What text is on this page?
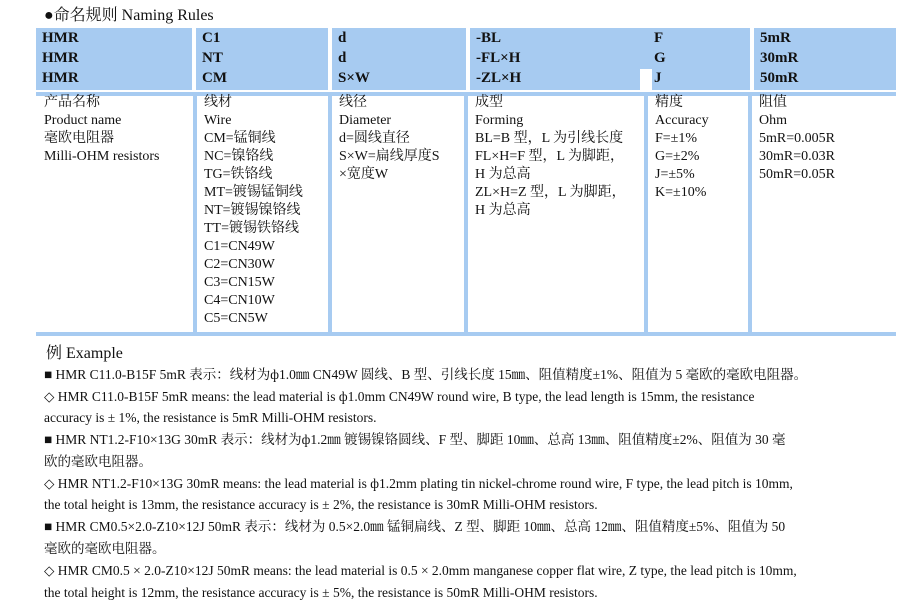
●命名规则 Naming Rules
HMR
HMR
HMR
C1
NT
CM
d
d
S×W
-BL
-FL×H
-ZL×H
F
G
J
5mR
30mR
50mR
产品名称
Product name
毫欧电阻器
Milli-OHM resistors
线材
Wire
CM=锰铜线
NC=镍铬线
TG=铁铬线
MT=镀锡锰铜线
NT=镀锡镍铬线
TT=镀锡铁铬线
C1=CN49W
C2=CN30W
C3=CN15W
C4=CN10W
C5=CN5W
线径
Diameter
d=圆线直径
S×W=扁线厚度S
×宽度W
成型
Forming
BL=B 型，L 为引线长度
FL×H=F 型，L 为脚距，
H 为总高
ZL×H=Z 型，L 为脚距，
H 为总高
精度
Accuracy
F=±1%
G=±2%
J=±5%
K=±10%
阻值
Ohm
5mR=0.005R
30mR=0.03R
50mR=0.05R
例 Example
■ HMR C11.0-B15F 5mR 表示：线材为ф1.0㎜ CN49W 圆线、B 型、引线长度 15㎜、阻值精度±1%、阻值为 5 毫欧的毫欧电阻器。
◇ HMR C11.0-B15F 5mR means: the lead material is ф1.0mm CN49W round wire, B type, the lead length is 15mm, the resistance
accuracy is ± 1%, the resistance is 5mR Milli-OHM resistors.
■ HMR NT1.2-F10×13G 30mR 表示：线材为ф1.2㎜ 镀锡镍铬圆线、F 型、脚距 10㎜、总高 13㎜、阻值精度±2%、阻值为 30 毫
欧的毫欧电阻器。
◇ HMR NT1.2-F10×13G 30mR means: the lead material is ф1.2mm plating tin nickel-chrome round wire, F type, the lead pitch is 10mm,
the total height is 13mm, the resistance accuracy is ± 2%, the resistance is 30mR Milli-OHM resistors.
■ HMR CM0.5×2.0-Z10×12J 50mR 表示：线材为 0.5×2.0㎜ 锰铜扁线、Z 型、脚距 10㎜、总高 12㎜、阻值精度±5%、阻值为 50
毫欧的毫欧电阻器。
◇ HMR CM0.5 × 2.0-Z10×12J 50mR means: the lead material is 0.5 × 2.0mm manganese copper flat wire, Z type, the lead pitch is 10mm,
the total height is 12mm, the resistance accuracy is ± 5%, the resistance is 50mR Milli-OHM resistors.
